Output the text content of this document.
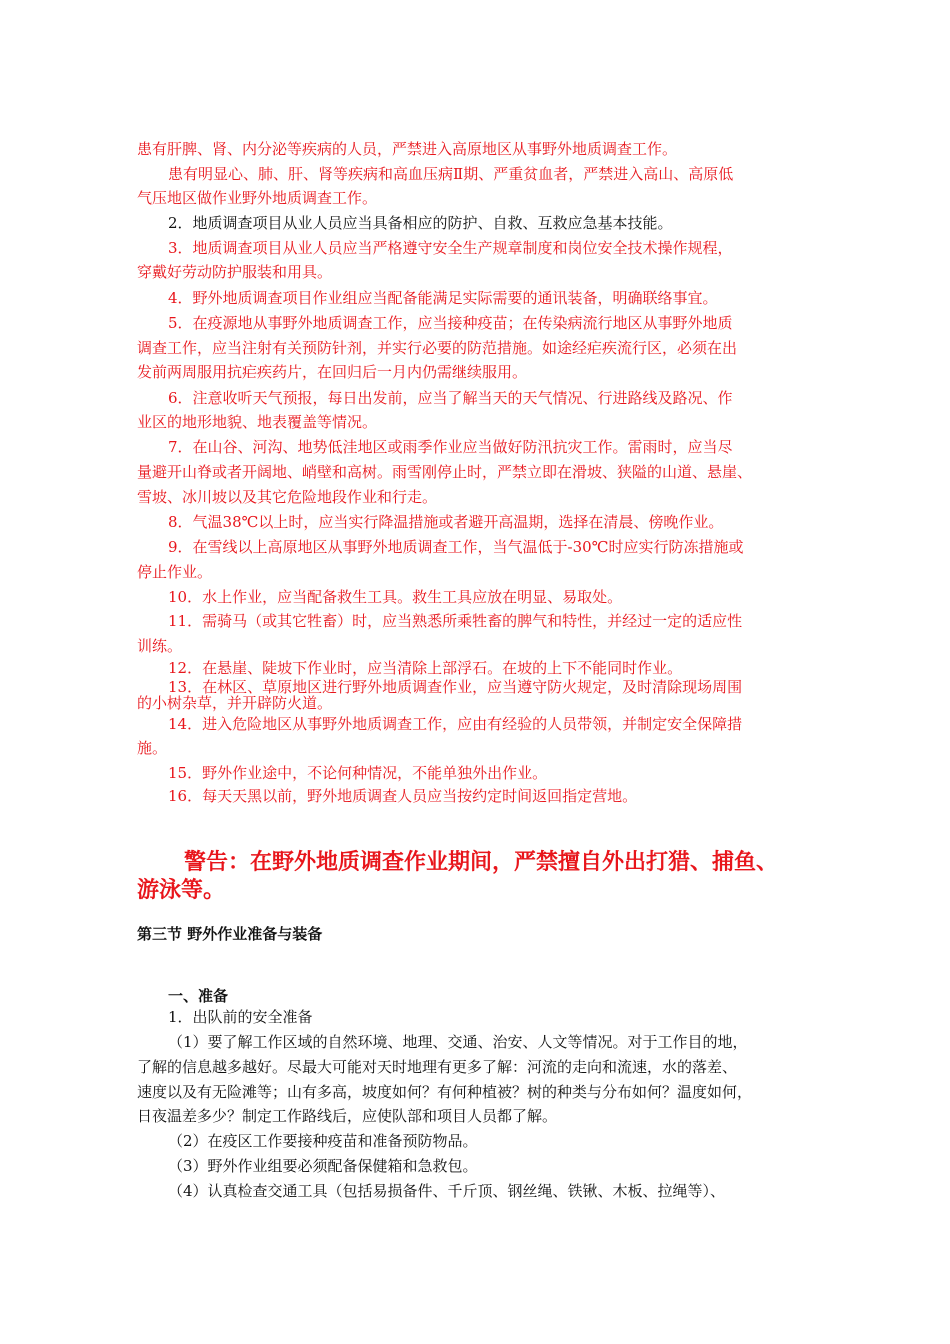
患有肝脾、肾、内分泌等疾病的人员，严禁进入高原地区从事野外地质调查工作。
患有明显心、肺、肝、肾等疾病和高血压病Ⅱ期、严重贫血者，严禁进入高山、高原低
气压地区做作业野外地质调查工作。
2．地质调查项目从业人员应当具备相应的防护、自救、互救应急基本技能。
3．地质调查项目从业人员应当严格遵守安全生产规章制度和岗位安全技术操作规程，
穿戴好劳动防护服装和用具。
4．野外地质调查项目作业组应当配备能满足实际需要的通讯装备，明确联络事宜。
5．在疫源地从事野外地质调查工作，应当接种疫苗；在传染病流行地区从事野外地质
调查工作，应当注射有关预防针剂，并实行必要的防范措施。如途经疟疾流行区，必须在出
发前两周服用抗疟疾药片，在回归后一月内仍需继续服用。
6．注意收听天气预报，每日出发前，应当了解当天的天气情况、行进路线及路况、作
业区的地形地貌、地表覆盖等情况。
7．在山谷、河沟、地势低洼地区或雨季作业应当做好防汛抗灾工作。雷雨时，应当尽
量避开山脊或者开阔地、峭壁和高树。雨雪刚停止时，严禁立即在滑坡、狭隘的山道、悬崖、
雪坡、冰川坡以及其它危险地段作业和行走。
8．气温38℃以上时，应当实行降温措施或者避开高温期，选择在清晨、傍晚作业。
9．在雪线以上高原地区从事野外地质调查工作，当气温低于-30℃时应实行防冻措施或
停止作业。
10．水上作业，应当配备救生工具。救生工具应放在明显、易取处。
11．需骑马（或其它牲畜）时，应当熟悉所乘牲畜的脾气和特性，并经过一定的适应性
训练。
12．在悬崖、陡坡下作业时，应当清除上部浮石。在坡的上下不能同时作业。
13．在林区、草原地区进行野外地质调查作业，应当遵守防火规定，及时清除现场周围
的小树杂草，并开辟防火道。
14．进入危险地区从事野外地质调查工作，应由有经验的人员带领，并制定安全保障措
施。
15．野外作业途中，不论何种情况，不能单独外出作业。
16．每天天黑以前，野外地质调查人员应当按约定时间返回指定营地。
警告：在野外地质调查作业期间，严禁擅自外出打猎、捕鱼、
游泳等。
第三节 野外作业准备与装备
一、准备
1．出队前的安全准备
（1）要了解工作区域的自然环境、地理、交通、治安、人文等情况。对于工作目的地，
了解的信息越多越好。尽最大可能对天时地理有更多了解：河流的走向和流速，水的落差、
速度以及有无险滩等；山有多高，坡度如何？有何种植被？树的种类与分布如何？温度如何，
日夜温差多少？制定工作路线后，应使队部和项目人员都了解。
（2）在疫区工作要接种疫苗和准备预防物品。
（3）野外作业组要必须配备保健箱和急救包。
（4）认真检查交通工具（包括易损备件、千斤顶、钢丝绳、铁锹、木板、拉绳等）、
